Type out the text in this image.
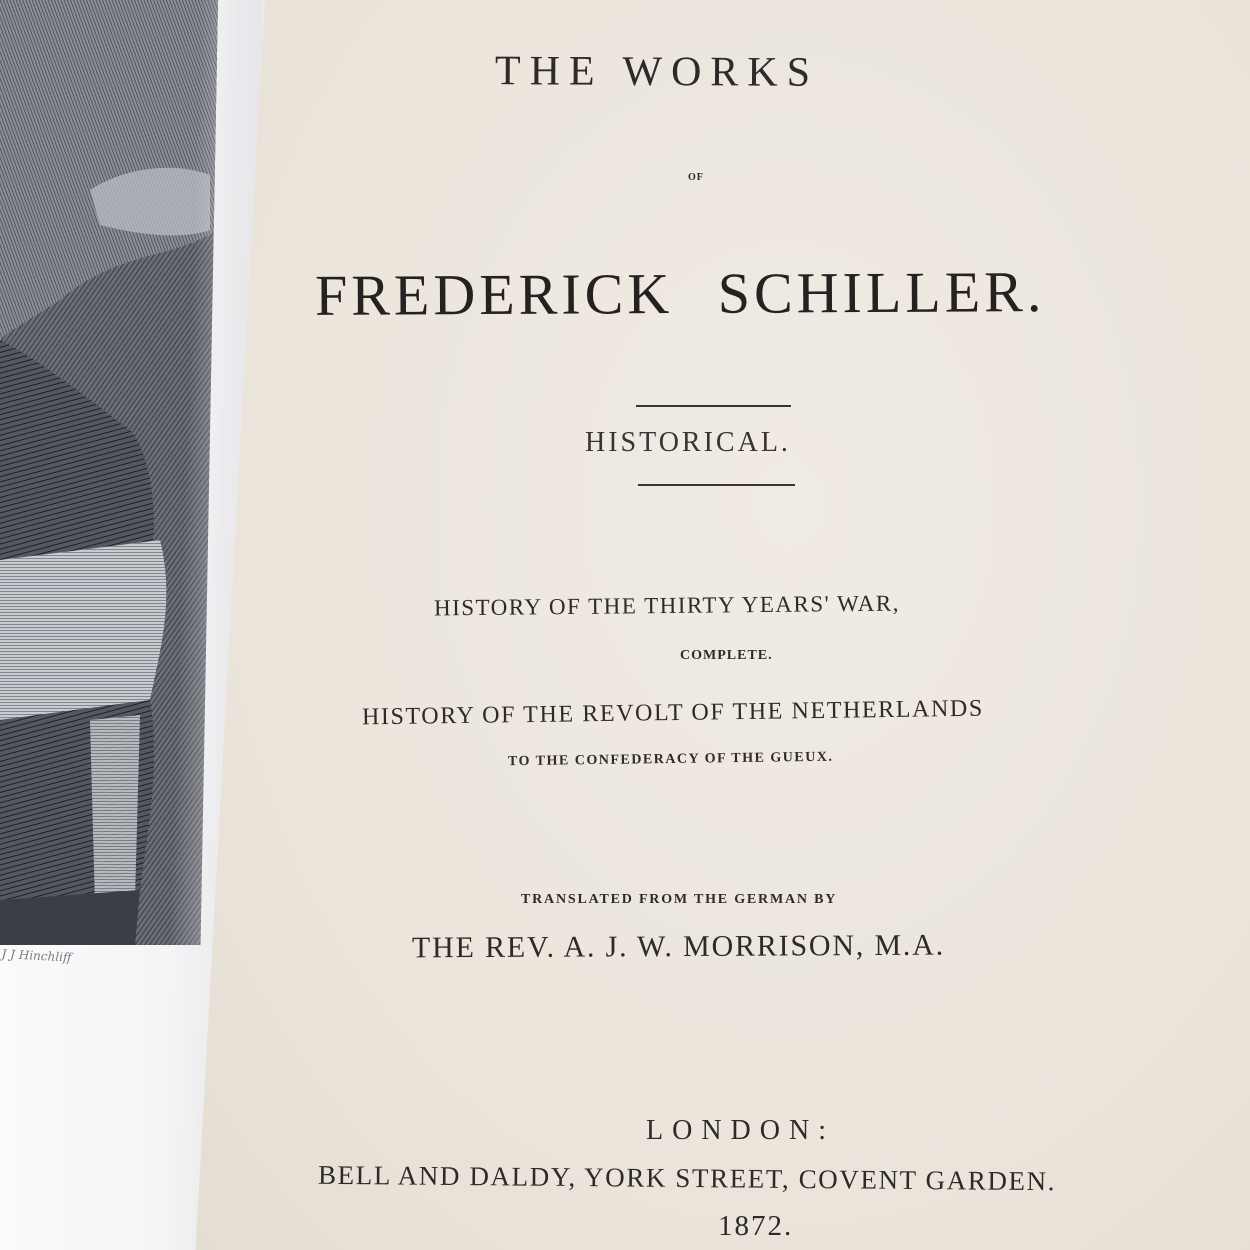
J J Hinchliff
THE WORKS
OF
FREDERICK SCHILLER.
HISTORICAL.
HISTORY OF THE THIRTY YEARS' WAR,
COMPLETE.
HISTORY OF THE REVOLT OF THE NETHERLANDS
TO THE CONFEDERACY OF THE GUEUX.
TRANSLATED FROM THE GERMAN BY
THE REV. A. J. W. MORRISON, M.A.
LONDON:
BELL AND DALDY, YORK STREET, COVENT GARDEN.
1872.
